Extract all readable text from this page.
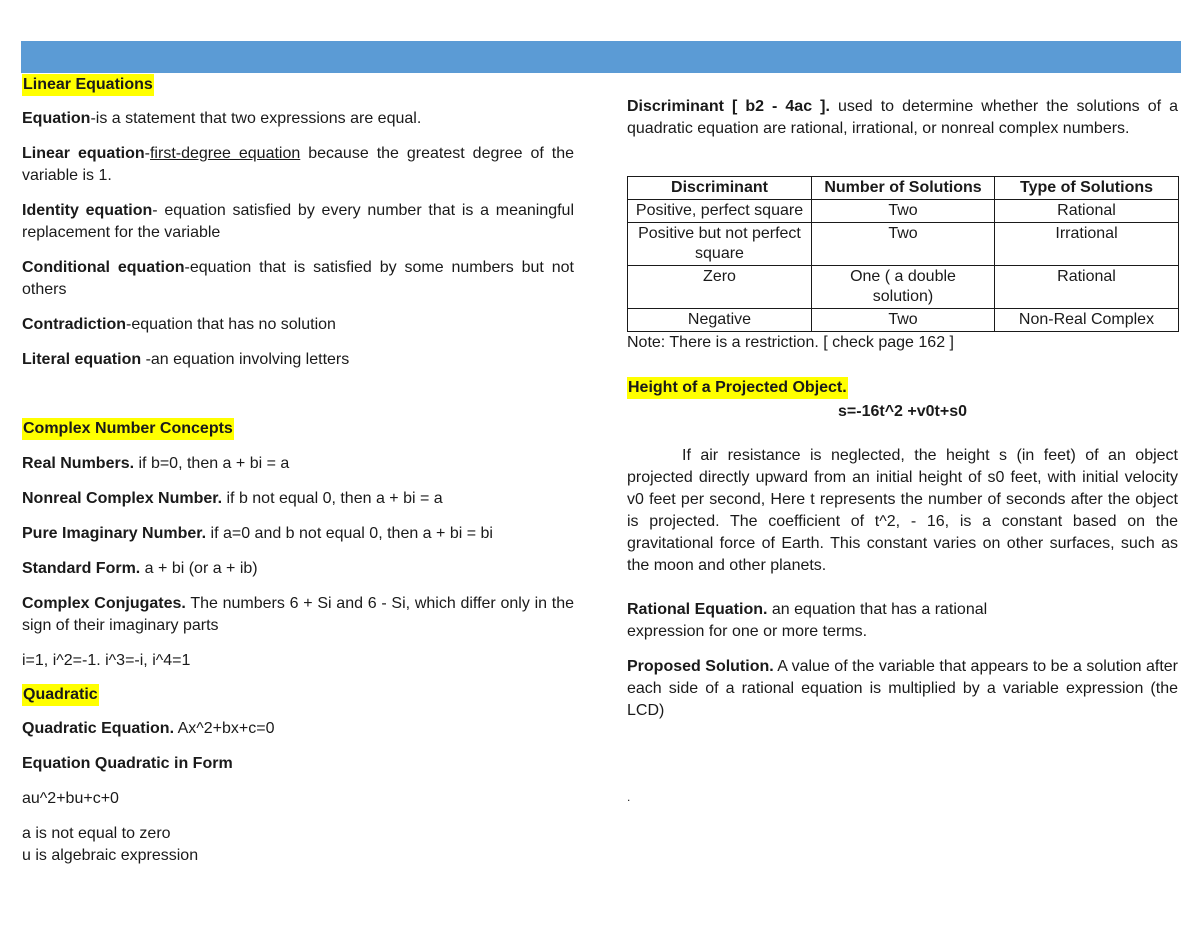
Linear Equations

Equation-is a statement that two expressions are equal.

Linear equation-first-degree equation because the greatest degree of the variable is 1.

Identity equation- equation satisfied by every number that is a meaningful replacement for the variable

Conditional equation-equation that is satisfied by some numbers but not others

Contradiction-equation that has no solution

Literal equation -an equation involving letters

Complex Number Concepts

Real Numbers. if b=0, then a + bi = a

Nonreal Complex Number. if b not equal 0, then a + bi = a

Pure Imaginary Number. if a=0 and b not equal 0, then a + bi = bi

Standard Form. a + bi (or a + ib)

Complex Conjugates. The numbers 6 + Si and 6 - Si, which differ only in the sign of their imaginary parts

i=1, i^2=-1. i^3=-i, i^4=1

Quadratic

Quadratic Equation. Ax^2+bx+c=0

Equation Quadratic in Form

au^2+bu+c+0

a is not equal to zero

u is algebraic expression

Discriminant [ b2 - 4ac ]. used to determine whether the solutions of a quadratic equation are rational, irrational, or nonreal complex numbers.

Discriminant	Number of Solutions	Type of Solutions
Positive, perfect square	Two	Rational
Positive but not perfect square	Two	Irrational
Zero	One ( a double solution)	Rational
Negative	Two	Non-Real Complex

Note: There is a restriction. [ check page 162 ]

Height of a Projected Object.

s=-16t^2 +v0t+s0

If air resistance is neglected, the height s (in feet) of an object projected directly upward from an initial height of s0 feet, with initial velocity v0 feet per second, Here t represents the number of seconds after the object is projected. The coefficient of t^2, - 16, is a constant based on the gravitational force of Earth. This constant varies on other surfaces, such as the moon and other planets.

Rational Equation. an equation that has a rational
expression for one or more terms.

Proposed Solution. A value of the variable that appears to be a solution after each side of a rational equation is multiplied by a variable expression (the LCD)

.
